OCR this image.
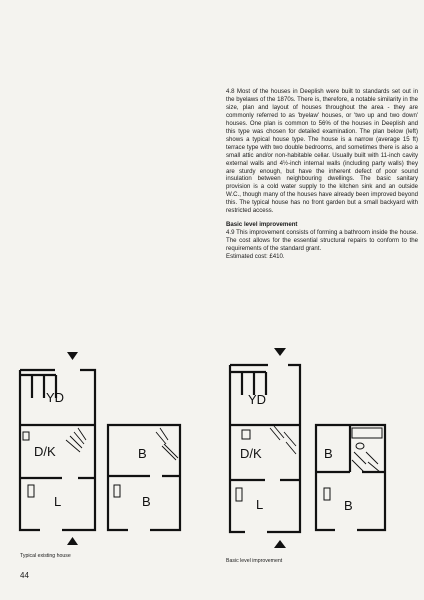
4.8 Most of the houses in Deeplish were built to standards set out in the byelaws of the 1870s. There is, therefore, a notable similarity in the size, plan and layout of houses throughout the area - they are commonly referred to as 'byelaw' houses, or 'two up and two down' houses. One plan is common to 56% of the houses in Deeplish and this type was chosen for detailed examination. The plan below (left) shows a typical house type. The house is a narrow (average 15 ft) terrace type with two double bedrooms, and sometimes there is also a small attic and/or non-habitable cellar. Usually built with 11-inch cavity external walls and 4½-inch internal walls (including party walls) they are sturdy enough, but have the inherent defect of poor sound insulation between neighbouring dwellings. The basic sanitary provision is a cold water supply to the kitchen sink and an outside W.C., though many of the houses have already been improved beyond this. The typical house has no front garden but a small backyard with restricted access.

Basic level improvement

4.9 This improvement consists of forming a bathroom inside the house. The cost allows for the essential structural repairs to conform to the requirements of the standard grant.

Estimated cost: £410.

YD
D/K
L
B
B
YD
D/K
L
B
B
Typical existing house
Basic level improvement
44
